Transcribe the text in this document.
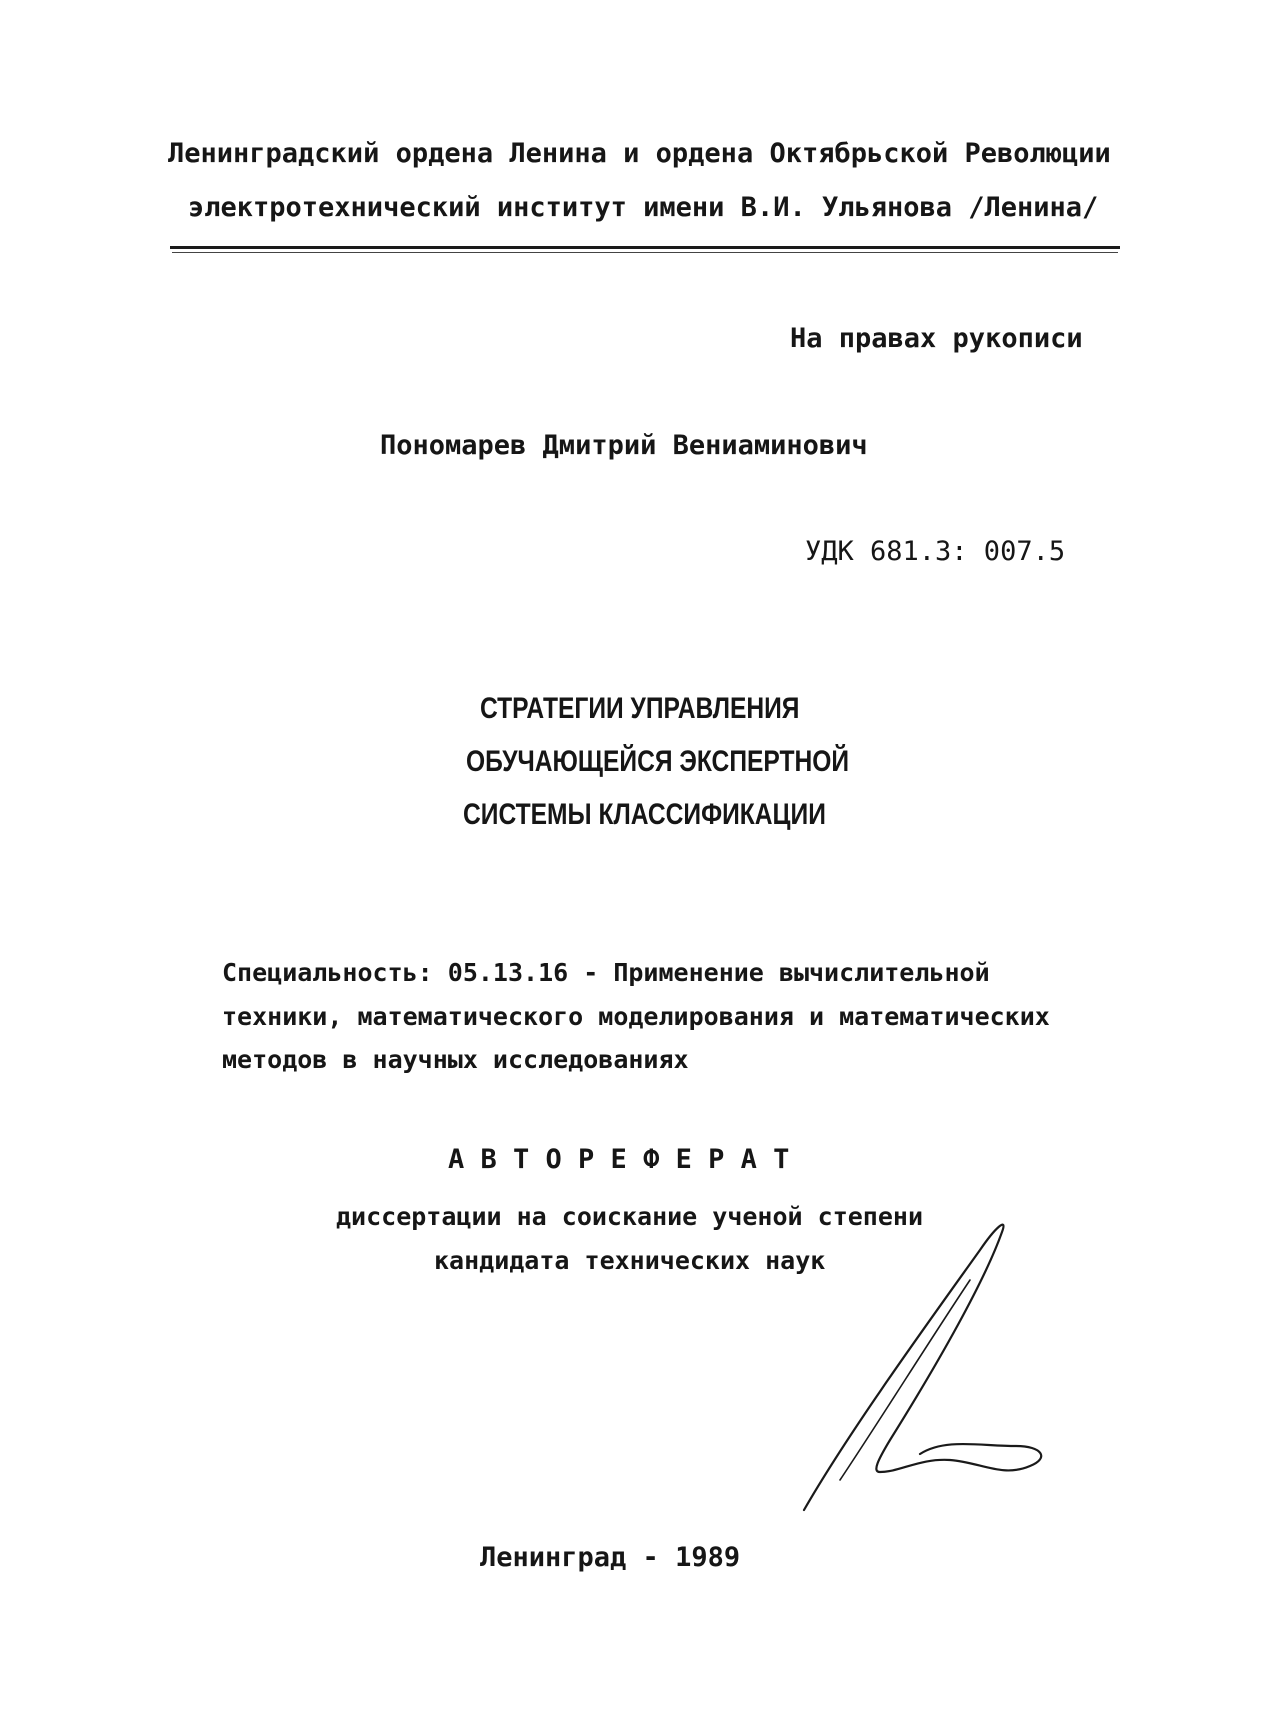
Ленинградский ордена Ленина и ордена Октябрьской Революции
электротехнический институт имени В.И. Ульянова /Ленина/
На правах рукописи
Пономарев Дмитрий Вениаминович
УДК 681.3: 007.5
СТРАТЕГИИ УПРАВЛЕНИЯ
ОБУЧАЮЩЕЙСЯ ЭКСПЕРТНОЙ
СИСТЕМЫ КЛАССИФИКАЦИИ
Специальность: 05.13.16 - Применение вычислительной
техники, математического моделирования и математических
методов в научных исследованиях
А В Т О Р Е Ф Е Р А Т
диссертации на соискание ученой степени
кандидата технических наук
Ленинград - 1989
